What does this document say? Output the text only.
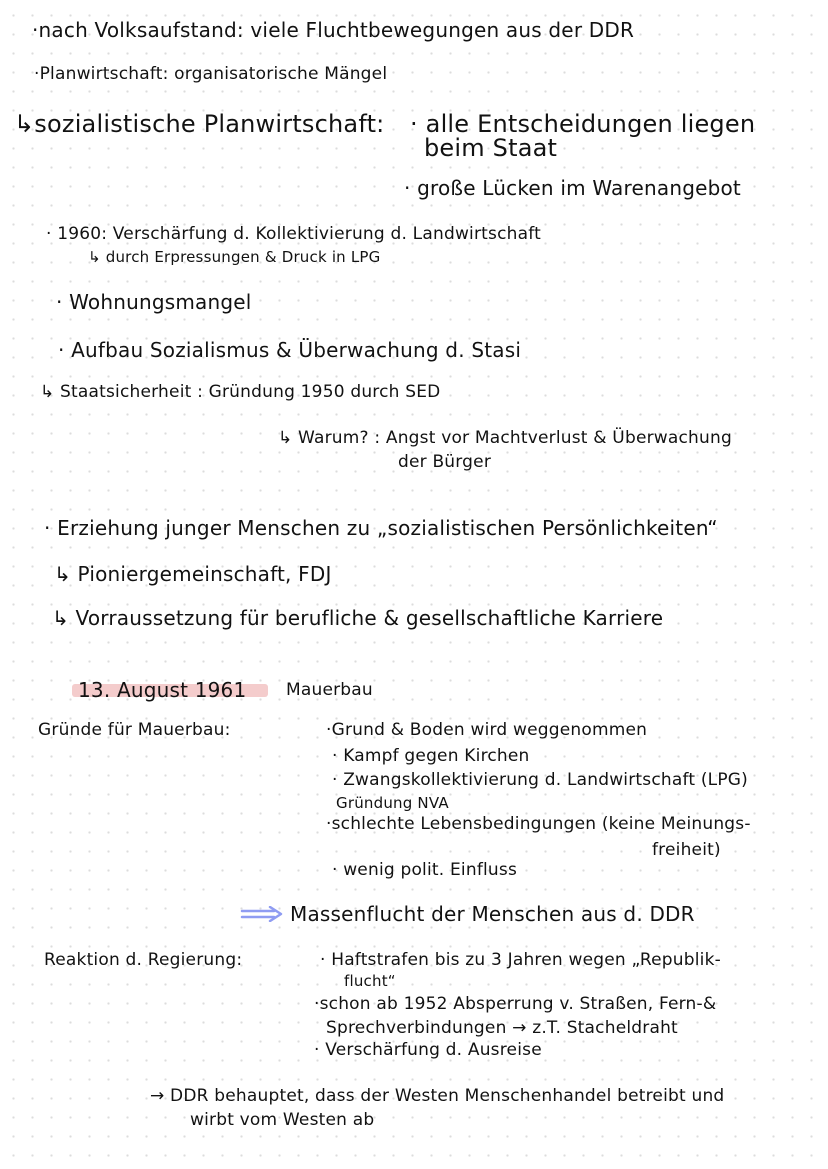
·nach Volksaufstand: viele Fluchtbewegungen aus der DDR
·Planwirtschaft: organisatorische Mängel
↳sozialistische Planwirtschaft: · alle Entscheidungen liegen
beim Staat
· große Lücken im Warenangebot
· 1960: Verschärfung d. Kollektivierung d. Landwirtschaft
↳ durch Erpressungen & Druck in LPG
· Wohnungsmangel
· Aufbau Sozialismus & Überwachung d. Stasi
↳ Staatsicherheit : Gründung 1950 durch SED
↳ Warum? : Angst vor Machtverlust & Überwachung
der Bürger
· Erziehung junger Menschen zu „sozialistischen Persönlichkeiten“
↳ Pioniergemeinschaft, FDJ
↳ Vorraussetzung für berufliche & gesellschaftliche Karriere
13. August 1961 Mauerbau
Gründe für Mauerbau:	·Grund & Boden wird weggenommen
· Kampf gegen Kirchen
· Zwangskollektivierung d. Landwirtschaft (LPG)
Gründung NVA
·schlechte Lebensbedingungen (keine Meinungs-
freiheit)
· wenig polit. Einfluss
Massenflucht der Menschen aus d. DDR
Reaktion d. Regierung:	· Haftstrafen bis zu 3 Jahren wegen „Republik-
flucht“
·schon ab 1952 Absperrung v. Straßen, Fern-&
Sprechverbindungen → z.T. Stacheldraht
· Verschärfung d. Ausreise
→ DDR behauptet, dass der Westen Menschenhandel betreibt und
wirbt vom Westen ab
